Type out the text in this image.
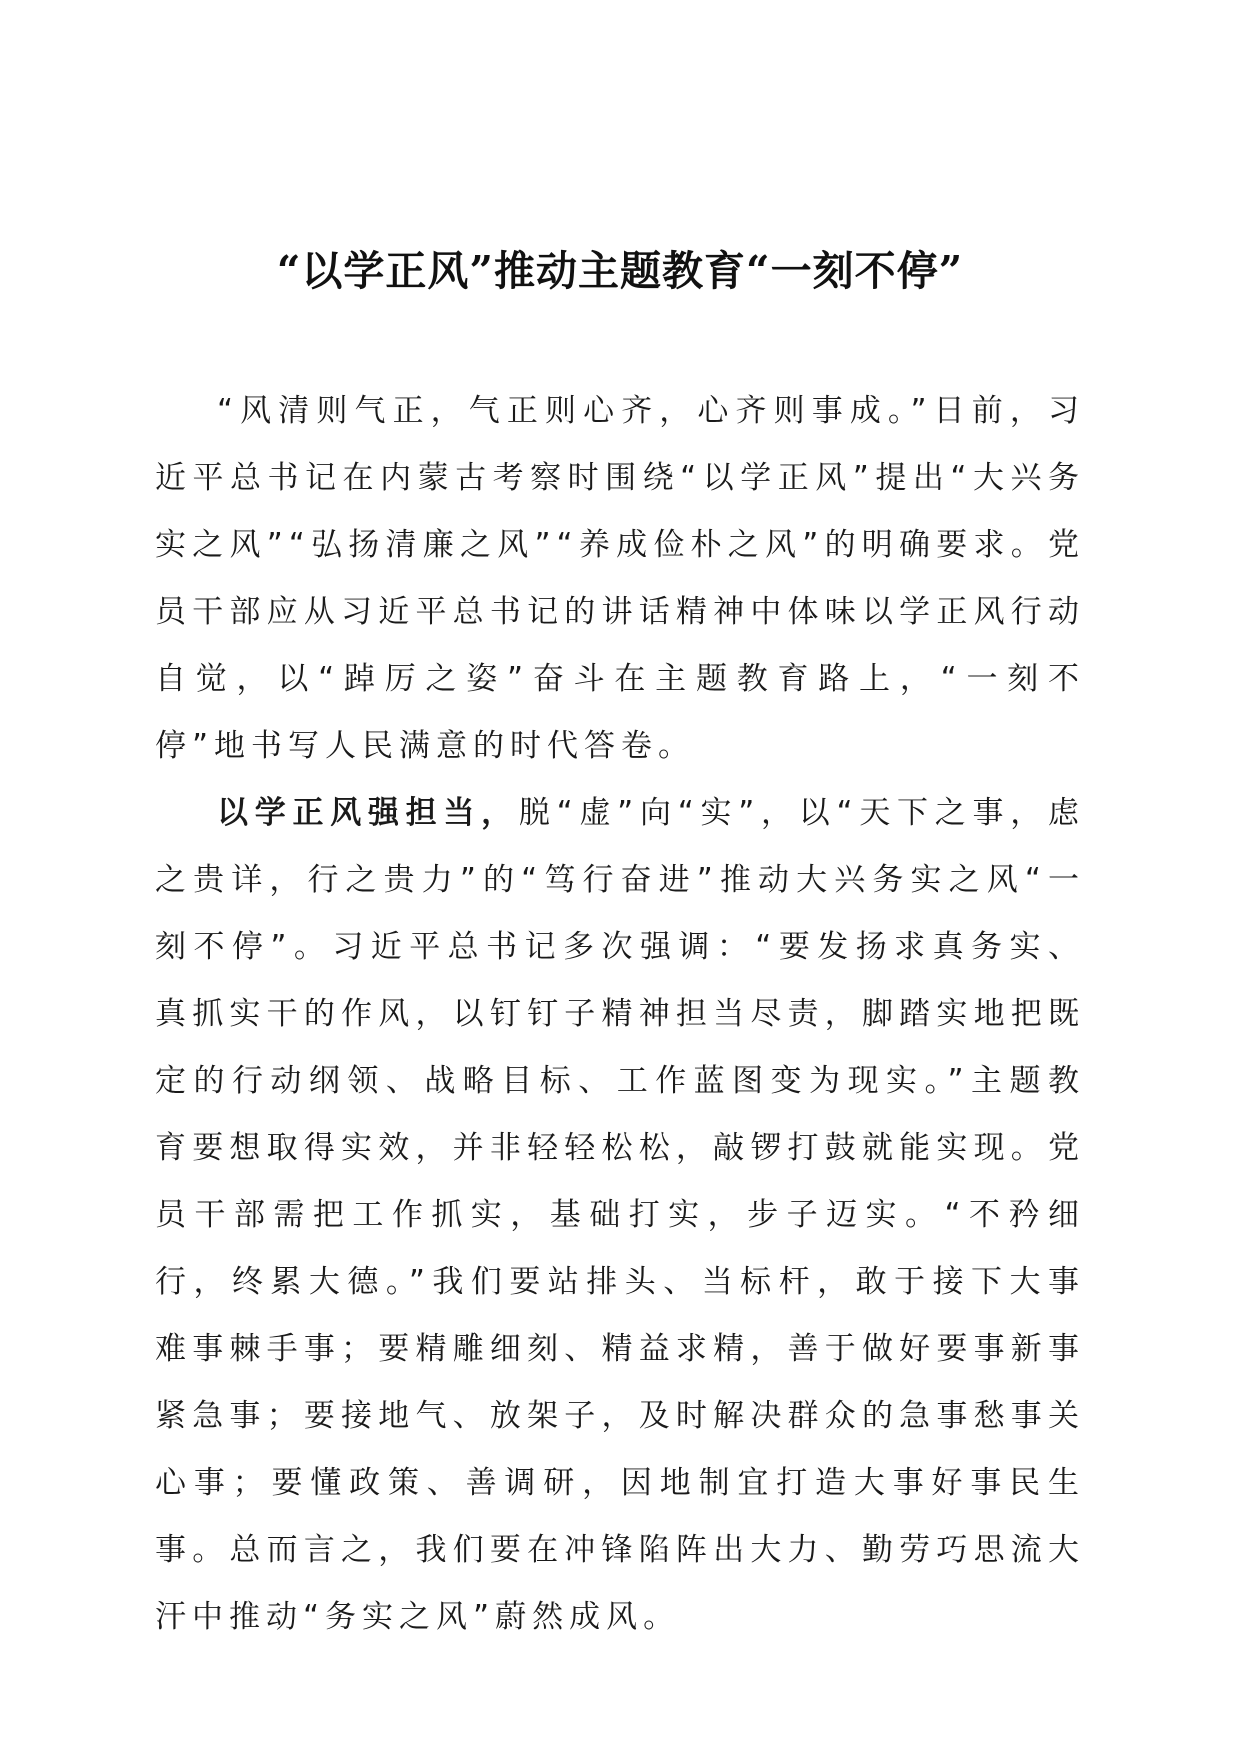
“以学正风”推动主题教育“一刻不停”

“风清则气正，气正则心齐，心齐则事成。”日前，习近平总书记在内蒙古考察时围绕“以学正风”提出“大兴务实之风”“弘扬清廉之风”“养成俭朴之风”的明确要求。党员干部应从习近平总书记的讲话精神中体味以学正风行动自觉，以“踔厉之姿”奋斗在主题教育路上，“一刻不停”地书写人民满意的时代答卷。

以学正风强担当，脱“虚”向“实”，以“天下之事，虑之贵详，行之贵力”的“笃行奋进”推动大兴务实之风“一刻不停”。习近平总书记多次强调：“要发扬求真务实、真抓实干的作风，以钉钉子精神担当尽责，脚踏实地把既定的行动纲领、战略目标、工作蓝图变为现实。”主题教育要想取得实效，并非轻轻松松，敲锣打鼓就能实现。党员干部需把工作抓实，基础打实，步子迈实。“不矜细行，终累大德。”我们要站排头、当标杆，敢于接下大事难事棘手事；要精雕细刻、精益求精，善于做好要事新事紧急事；要接地气、放架子，及时解决群众的急事愁事关心事；要懂政策、善调研，因地制宜打造大事好事民生事。总而言之，我们要在冲锋陷阵出大力、勤劳巧思流大汗中推动“务实之风”蔚然成风。
